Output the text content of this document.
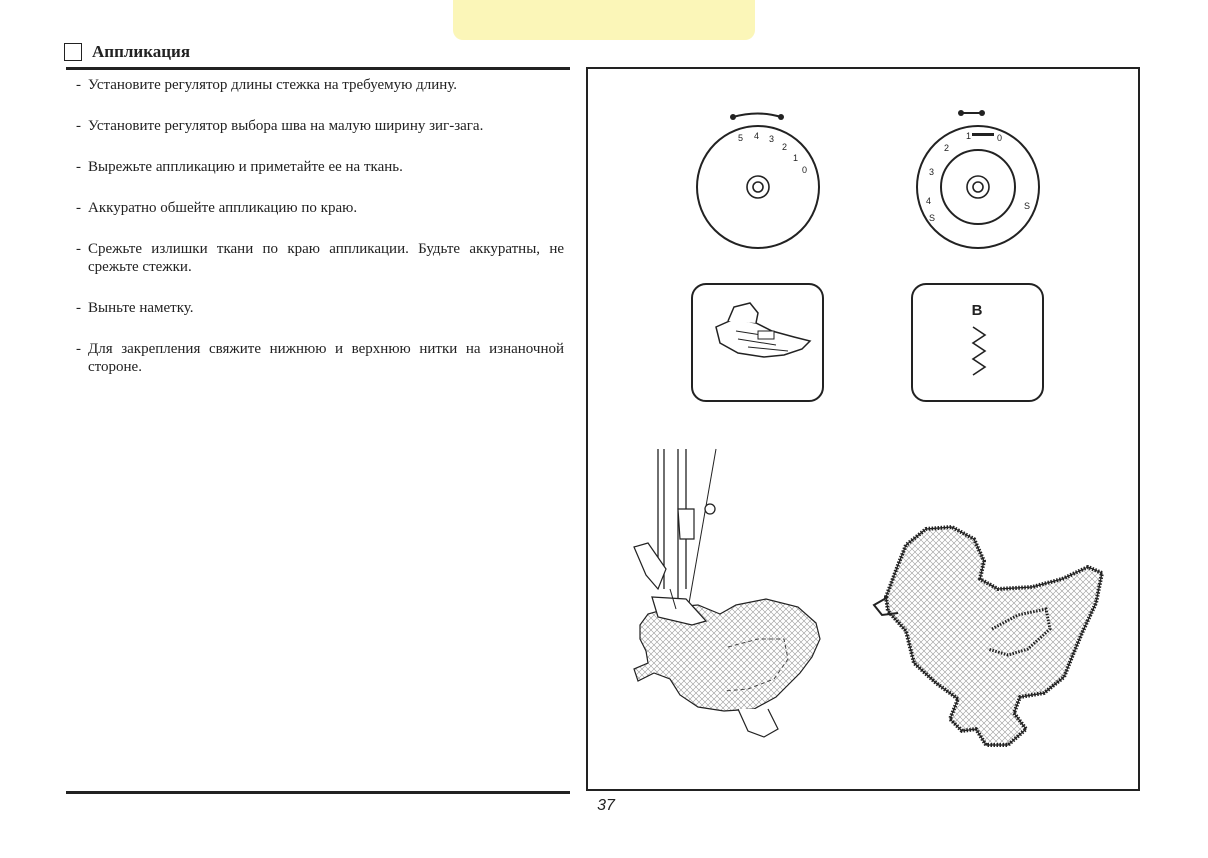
Аппликация
- Установите регулятор длины стежка на требуемую длину.
- Установите регулятор выбора шва на малую ширину зиг-зага.
- Вырежьте аппликацию и приметайте ее на ткань.
- Аккуратно обшейте аппликацию по краю.
- Срежьте излишки ткани по краю аппликации. Будьте аккуратны, не срежьте стежки.
- Выньте наметку.
- Для закрепления свяжите нижнюю и верхнюю нитки на изнаночной стороне.
5 4 3
2
1
0
1	0
2
3
4
S
S
B
37
